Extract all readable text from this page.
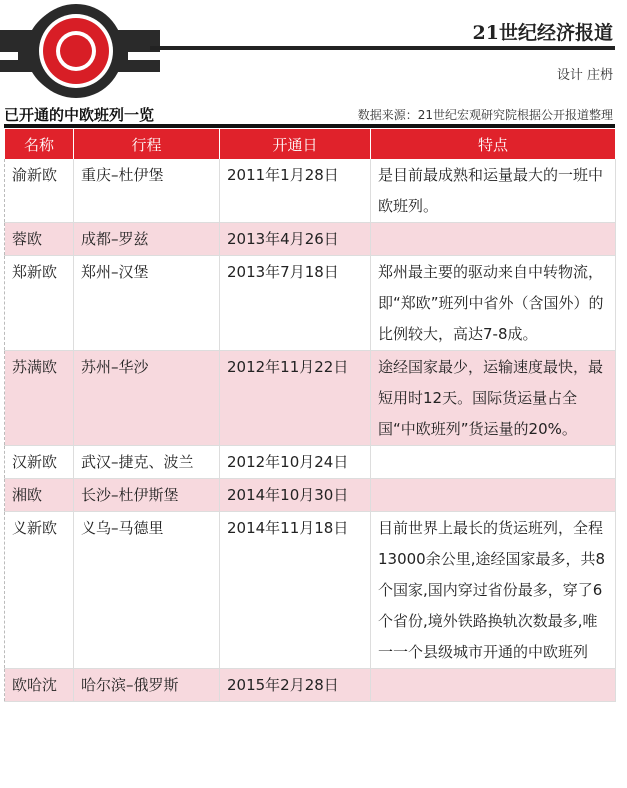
21世纪经济报道
设计 庄枬
已开通的中欧班列一览	数据来源：21世纪宏观研究院根据公开报道整理
名称	行程	开通日	特点
渝新欧	重庆–杜伊堡	2011年1月28日	是目前最成熟和运量最大的一班中欧班列。
蓉欧	成都–罗兹	2013年4月26日	
郑新欧	郑州–汉堡	2013年7月18日	郑州最主要的驱动来自中转物流，即“郑欧”班列中省外（含国外）的比例较大，高达7-8成。
苏满欧	苏州–华沙	2012年11月22日	途经国家最少，运输速度最快，最短用时12天。国际货运量占全国“中欧班列”货运量的20%。
汉新欧	武汉–捷克、波兰	2012年10月24日	
湘欧	长沙–杜伊斯堡	2014年10月30日	
义新欧	义乌–马德里	2014年11月18日	目前世界上最长的货运班列，全程13000余公里,途经国家最多，共8个国家,国内穿过省份最多，穿了6个省份,境外铁路换轨次数最多,唯一一个县级城市开通的中欧班列
欧哈沈	哈尔滨–俄罗斯	2015年2月28日	
